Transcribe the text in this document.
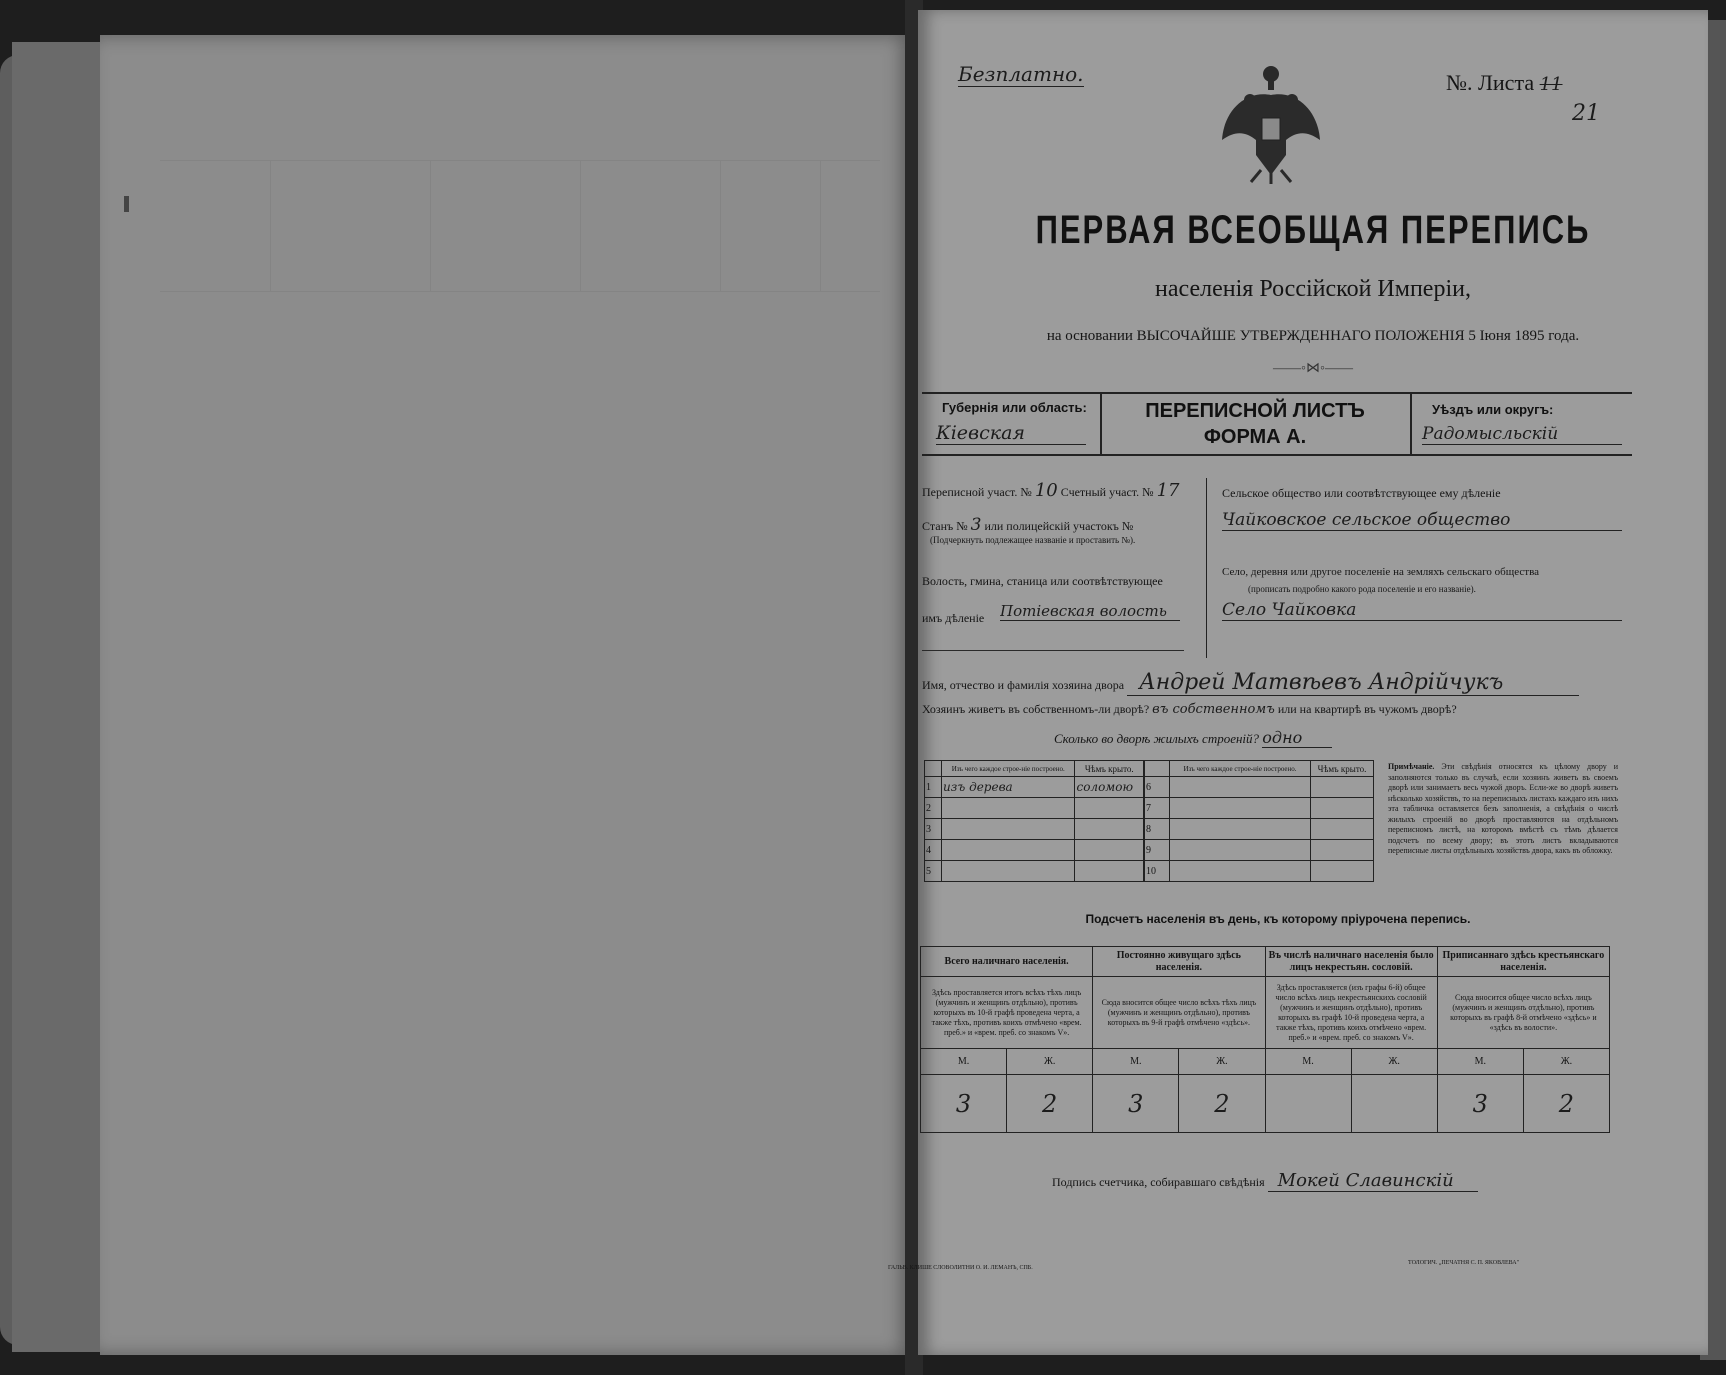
Безплатно.	№. Листа 11 21
ПЕРВАЯ ВСЕОБЩАЯ ПЕРЕПИСЬ
населенія Россійской Имперіи,
на основании ВЫСОЧАЙШЕ УТВЕРЖДЕННАГО ПОЛОЖЕНІЯ 5 Іюня 1895 года.
——◦⋈◦——
Губернія или область:
Кіевская
ПЕРЕПИСНОЙ ЛИСТЪ
ФОРМА А.
Уѣздъ или округъ:
Радомысльскій
Переписной участ. № 10 Счетный участ. № 17
Станъ № 3 или полицейскій участокъ №
(Подчеркнуть подлежащее названіе и проставить №).
Волость, гмина, станица или соотвѣтствующее
имъ дѣленіе Потіевская волость
Сельское общество или соотвѣтствующее ему дѣленіе
Чайковское сельское общество
Село, деревня или другое поселеніе на земляхъ сельскаго общества
(прописать подробно какого рода поселеніе и его названіе).
Село Чайковка
Имя, отчество и фамилія хозяина двора Андрей Матвѣевъ Андрійчукъ
Хозяинъ живетъ въ собственномъ-ли дворѣ? въ собственномъ или на квартирѣ въ чужомъ дворѣ?
Сколько во дворѣ жилыхъ строеній? одно
	Изъ чего каждое строе-ніе построено.	Чѣмъ крыто.
1	изъ дерева	соломою
2		
3		
4		
5		
	Изъ чего каждое строе-ніе построено.	Чѣмъ крыто.
6		
7		
8		
9		
10		
Примѣчаніе. Эти свѣдѣнія относятся къ цѣлому двору и заполняются только въ случаѣ, если хозяинъ живетъ въ своемъ дворѣ или занимаетъ весь чужой дворъ. Если-же во дворѣ живетъ нѣсколько хозяйствъ, то на переписныхъ листахъ каждаго изъ нихъ эта табличка оставляется безъ заполненія, а свѣдѣнія о числѣ жилыхъ строеній во дворѣ проставляются на отдѣльномъ переписномъ листѣ, на которомъ вмѣстѣ съ тѣмъ дѣлается подсчетъ по всему двору; въ этотъ листъ вкладываются переписные листы отдѣльныхъ хозяйствъ двора, какъ въ обложку.
Подсчетъ населенія въ день, къ которому пріурочена перепись.
Всего наличнаго населенія.		Постоянно живущаго здѣсь населенія.		Въ числѣ наличнаго населенія было лицъ некрестьян. сословій.		Приписаннаго здѣсь крестьянскаго населенія.	
Здѣсь проставляется итогъ всѣхъ тѣхъ лицъ (мужчинъ и женщинъ отдѣльно), противъ которыхъ въ 10-й графѣ проведена черта, а также тѣхъ, противъ коихъ отмѣчено «врем. преб.» и «врем. преб. со знакомъ V».		Сюда вносится общее число всѣхъ тѣхъ лицъ (мужчинъ и женщинъ отдѣльно), противъ которыхъ въ 9-й графѣ отмѣчено «здѣсь».		Здѣсь проставляется (изъ графы 6-й) общее число всѣхъ лицъ некрестьянскихъ сословій (мужчинъ и женщинъ отдѣльно), противъ которыхъ въ графѣ 10-й проведена черта, а также тѣхъ, противъ коихъ отмѣчено «врем. преб.» и «врем. преб. со знакомъ V».		Сюда вносится общее число всѣхъ лицъ (мужчинъ и женщинъ отдѣльно), противъ которыхъ въ графѣ 8-й отмѣчено «здѣсь» и «здѣсь въ волости».	
М.	Ж.	М.	Ж.	М.	Ж.	М.	Ж.
3	2	3	2			3	2
Подпись счетчика, собиравшаго свѣдѣнія Мокей Славинскій
ГАЛЬВ. КЛИШЕ СЛОВОЛИТНИ О. И. ЛЕМАНЪ, СПБ.
ТОЛОГИЧ. „ПЕЧАТНЯ С. П. ЯКОВЛЕВА"
